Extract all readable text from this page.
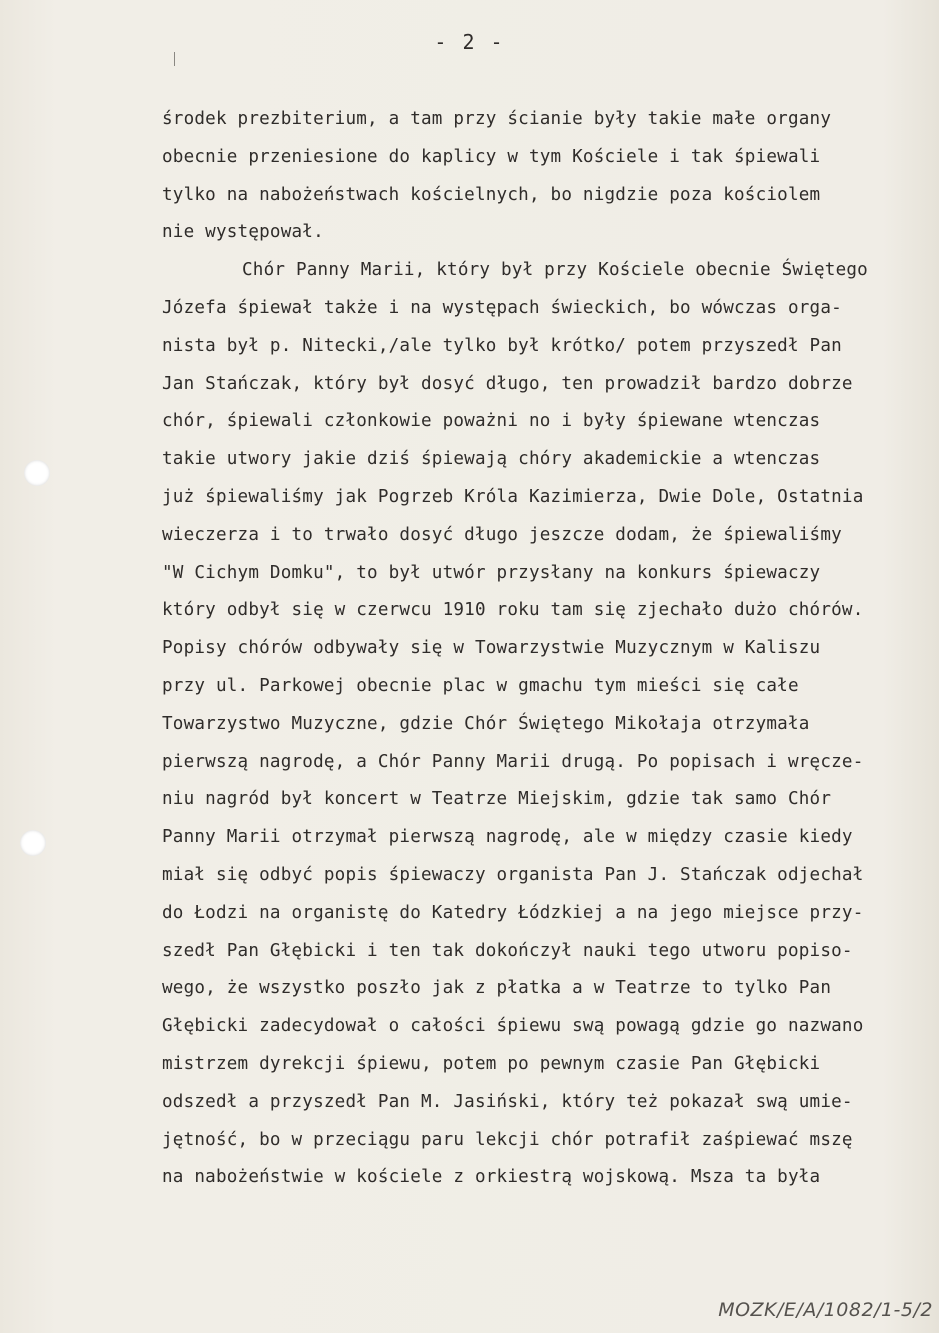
- 2 -
środek prezbiterium, a tam przy ścianie były takie małe organy
obecnie przeniesione do kaplicy w tym Kościele i tak śpiewali
tylko na nabożeństwach kościelnych, bo nigdzie poza kościolem
nie występował.
Chór Panny Marii, który był przy Kościele obecnie Świętego
Józefa śpiewał także i na występach świeckich, bo wówczas orga-
nista był p. Nitecki,/ale tylko był krótko/ potem przyszedł Pan
Jan Stańczak, który był dosyć długo, ten prowadził bardzo dobrze
chór, śpiewali członkowie poważni no i były śpiewane wtenczas
takie utwory jakie dziś śpiewają chóry akademickie a wtenczas
już śpiewaliśmy jak Pogrzeb Króla Kazimierza, Dwie Dole, Ostatnia
wieczerza i to trwało dosyć długo jeszcze dodam, że śpiewaliśmy
"W Cichym Domku", to był utwór przysłany na konkurs śpiewaczy
który odbył się w czerwcu 1910 roku tam się zjechało dużo chórów.
Popisy chórów odbywały się w Towarzystwie Muzycznym w Kaliszu
przy ul. Parkowej obecnie plac w gmachu tym mieści się całe
Towarzystwo Muzyczne, gdzie Chór Świętego Mikołaja otrzymała
pierwszą nagrodę, a Chór Panny Marii drugą. Po popisach i wręcze-
niu nagród był koncert w Teatrze Miejskim, gdzie tak samo Chór
Panny Marii otrzymał pierwszą nagrodę, ale w między czasie kiedy
miał się odbyć popis śpiewaczy organista Pan J. Stańczak odjechał
do Łodzi na organistę do Katedry Łódzkiej a na jego miejsce przy-
szedł Pan Głębicki i ten tak dokończył nauki tego utworu popiso-
wego, że wszystko poszło jak z płatka a w Teatrze to tylko Pan
Głębicki zadecydował o całości śpiewu swą powagą gdzie go nazwano
mistrzem dyrekcji śpiewu, potem po pewnym czasie Pan Głębicki
odszedł a przyszedł Pan M. Jasiński, który też pokazał swą umie-
jętność, bo w przeciągu paru lekcji chór potrafił zaśpiewać mszę
na nabożeństwie w kościele z orkiestrą wojskową. Msza ta była
MOZK/E/A/1082/1-5/2
